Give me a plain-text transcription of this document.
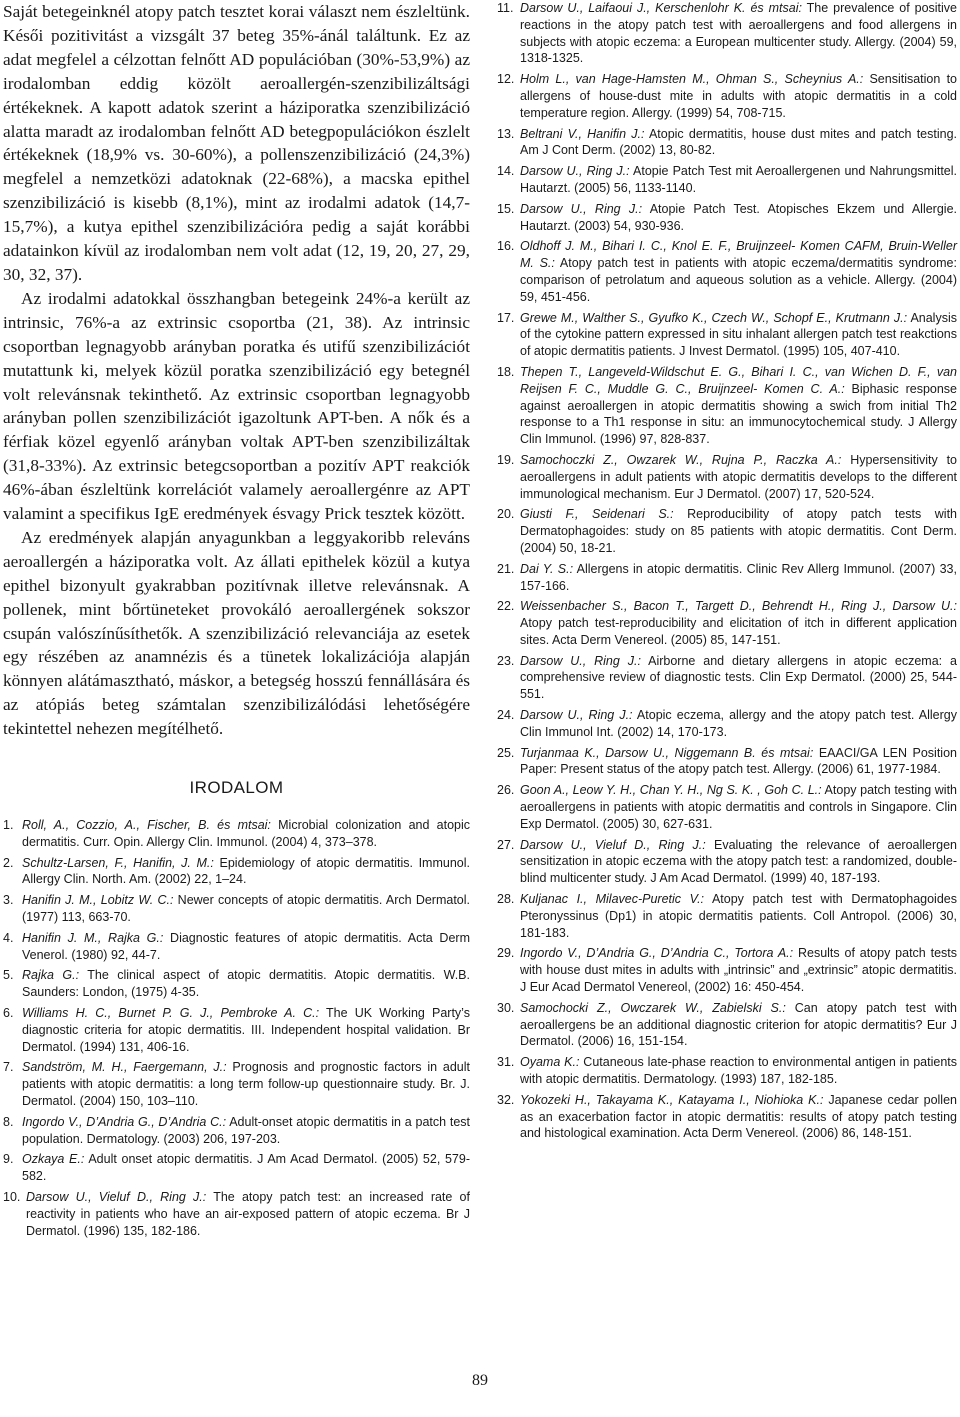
Saját betegeinknél atopy patch tesztet korai választ nem észleltünk. Késői pozitivitást a vizsgált 37 beteg 35%-ánál találtunk. Ez az adat megfelel a célzottan felnőtt AD populációban (30%-53,9%) az irodalomban eddig közölt aeroallergén-szenzibilizáltsági értékeknek. A kapott adatok szerint a háziporatka szenzibilizáció alatta maradt az irodalomban felnőtt AD betegpopulációkon észlelt értékeknek (18,9% vs. 30-60%), a pollenszenzibilizáció (24,3%) megfelel a nemzetközi adatoknak (22-68%), a macska epithel szenzibilizáció is kisebb (8,1%), mint az irodalmi adatok (14,7-15,7%), a kutya epithel szenzibilizációra pedig a saját korábbi adatainkon kívül az irodalomban nem volt adat (12, 19, 20, 27, 29, 30, 32, 37).

Az irodalmi adatokkal összhangban betegeink 24%-a került az intrinsic, 76%-a az extrinsic csoportba (21, 38). Az intrinsic csoportban legnagyobb arányban poratka és utifű szenzibilizációt mutattunk ki, melyek közül poratka szenzibilizáció egy betegnél volt relevánsnak tekinthető. Az extrinsic csoportban legnagyobb arányban pollen szenzibilizációt igazoltunk APT-ben. A nők és a férfiak közel egyenlő arányban voltak APT-ben szenzibilizáltak (31,8-33%). Az extrinsic betegcsoportban a pozitív APT reakciók 46%-ában észleltünk korrelációt valamely aeroallergénre az APT valamint a specifikus IgE eredmények ésvagy Prick tesztek között.

Az eredmények alapján anyagunkban a leggyakoribb releváns aeroallergén a háziporatka volt. Az állati epithelek közül a kutya epithel bizonyult gyakrabban pozitívnak illetve relevánsnak. A pollenek, mint bőrtüneteket provokáló aeroallergének sokszor csupán valószínűsíthetők. A szenzibilizáció relevanciája az esetek egy részében az anamnézis és a tünetek lokalizációja alapján könnyen alátámasztható, máskor, a betegség hosszú fennállására és az atópiás beteg számtalan szenzibilizálódási lehetőségére tekintettel nehezen megítélhető.

IRODALOM
1. Roll, A., Cozzio, A., Fischer, B. és mtsai: Microbial colonization and atopic dermatitis. Curr. Opin. Allergy Clin. Immunol. (2004) 4, 373–378.
2. Schultz-Larsen, F., Hanifin, J. M.: Epidemiology of atopic dermatitis. Immunol. Allergy Clin. North. Am. (2002) 22, 1–24.
3. Hanifin J. M., Lobitz W. C.: Newer concepts of atopic dermatitis. Arch Dermatol. (1977) 113, 663-70.
4. Hanifin J. M., Rajka G.: Diagnostic features of atopic dermatitis. Acta Derm Venerol. (1980) 92, 44-7.
5. Rajka G.: The clinical aspect of atopic dermatitis. Atopic dermatitis. W.B. Saunders: London, (1975) 4-35.
6. Williams H. C., Burnet P. G. J., Pembroke A. C.: The UK Working Party’s diagnostic criteria for atopic dermatitis. III. Independent hospital validation. Br Dermatol. (1994) 131, 406-16.
7. Sandström, M. H., Faergemann, J.: Prognosis and prognostic factors in adult patients with atopic dermatitis: a long term follow-up questionnaire study. Br. J. Dermatol. (2004) 150, 103–110.
8. Ingordo V., D’Andria G., D’Andria C.: Adult-onset atopic dermatitis in a patch test population. Dermatology. (2003) 206, 197-203.
9. Ozkaya E.: Adult onset atopic dermatitis. J Am Acad Dermatol. (2005) 52, 579-582.
10. Darsow U., Vieluf D., Ring J.: The atopy patch test: an increased rate of reactivity in patients who have an air-exposed pattern of atopic eczema. Br J Dermatol. (1996) 135, 182-186.
11. Darsow U., Laifaoui J., Kerschenlohr K. és mtsai: The prevalence of positive reactions in the atopy patch test with aeroallergens and food allergens in subjects with atopic eczema: a European multicenter study. Allergy. (2004) 59, 1318-1325.
12. Holm L., van Hage-Hamsten M., Ohman S., Scheynius A.: Sensitisation to allergens of house-dust mite in adults with atopic dermatitis in a cold temperature region. Allergy. (1999) 54, 708-715.
13. Beltrani V., Hanifin J.: Atopic dermatitis, house dust mites and patch testing. Am J Cont Derm. (2002) 13, 80-82.
14. Darsow U., Ring J.: Atopie Patch Test mit Aeroallergenen und Nahrungsmittel. Hautarzt. (2005) 56, 1133-1140.
15. Darsow U., Ring J.: Atopie Patch Test. Atopisches Ekzem und Allergie. Hautarzt. (2003) 54, 930-936.
16. Oldhoff J. M., Bihari I. C., Knol E. F., Bruijnzeel- Komen CAFM, Bruin-Weller M. S.: Atopy patch test in patients with atopic eczema/dermatitis syndrome: comparison of petrolatum and aqueous solution as a vehicle. Allergy. (2004) 59, 451-456.
17. Grewe M., Walther S., Gyufko K., Czech W., Schopf E., Krutmann J.: Analysis of the cytokine pattern expressed in situ inhalant allergen patch test reakctions of atopic dermatitis patients. J Invest Dermatol. (1995) 105, 407-410.
18. Thepen T., Langeveld-Wildschut E. G., Bihari I. C., van Wichen D. F., van Reijsen F. C., Muddle G. C., Bruijnzeel- Komen C. A.: Biphasic response against aeroallergen in atopic dermatitis showing a swich from initial Th2 response to a Th1 response in situ: an immunocytochemical study. J Allergy Clin Immunol. (1996) 97, 828-837.
19. Samochoczki Z., Owzarek W., Rujna P., Raczka A.: Hypersensitivity to aeroallergens in adult patients with atopic dermatitis develops to the different immunological mechanism. Eur J Dermatol. (2007) 17, 520-524.
20. Giusti F., Seidenari S.: Reproducibility of atopy patch tests with Dermatophagoides: study on 85 patients with atopic dermatitis. Cont Derm. (2004) 50, 18-21.
21. Dai Y. S.: Allergens in atopic dermatitis. Clinic Rev Allerg Immunol. (2007) 33, 157-166.
22. Weissenbacher S., Bacon T., Targett D., Behrendt H., Ring J., Darsow U.: Atopy patch test-reproducibility and elicitation of itch in different application sites. Acta Derm Venereol. (2005) 85, 147-151.
23. Darsow U., Ring J.: Airborne and dietary allergens in atopic eczema: a comprehensive review of diagnostic tests. Clin Exp Dermatol. (2000) 25, 544-551.
24. Darsow U., Ring J.: Atopic eczema, allergy and the atopy patch test. Allergy Clin Immunol Int. (2002) 14, 170-173.
25. Turjanmaa K., Darsow U., Niggemann B. és mtsai: EAACI/GA LEN Position Paper: Present status of the atopy patch test. Allergy. (2006) 61, 1977-1984.
26. Goon A., Leow Y. H., Chan Y. H., Ng S. K. , Goh C. L.: Atopy patch testing with aeroallergens in patients with atopic dermatitis and controls in Singapore. Clin Exp Dermatol. (2005) 30, 627-631.
27. Darsow U., Vieluf D., Ring J.: Evaluating the relevance of aeroallergen sensitization in atopic eczema with the atopy patch test: a randomized, double-blind multicenter study. J Am Acad Dermatol. (1999) 40, 187-193.
28. Kuljanac I., Milavec-Puretic V.: Atopy patch test with Dermatophagoides Pteronyssinus (Dp1) in atopic dermatitis patients. Coll Antropol. (2006) 30, 181-183.
29. Ingordo V., D’Andria G., D’Andria C., Tortora A.: Results of atopy patch tests with house dust mites in adults with „intrinsic” and „extrinsic” atopic dermatitis. J Eur Acad Dermatol Venereol, (2002) 16: 450-454.
30. Samochocki Z., Owczarek W., Zabielski S.: Can atopy patch test with aeroallergens be an additional diagnostic criterion for atopic dermatitis? Eur J Dermatol. (2006) 16, 151-154.
31. Oyama K.: Cutaneous late-phase reaction to environmental antigen in patients with atopic dermatitis. Dermatology. (1993) 187, 182-185.
32. Yokozeki H., Takayama K., Katayama I., Niohioka K.: Japanese cedar pollen as an exacerbation factor in atopic dermatitis: results of atopy patch testing and histological examination. Acta Derm Venereol. (2006) 86, 148-151.
89
